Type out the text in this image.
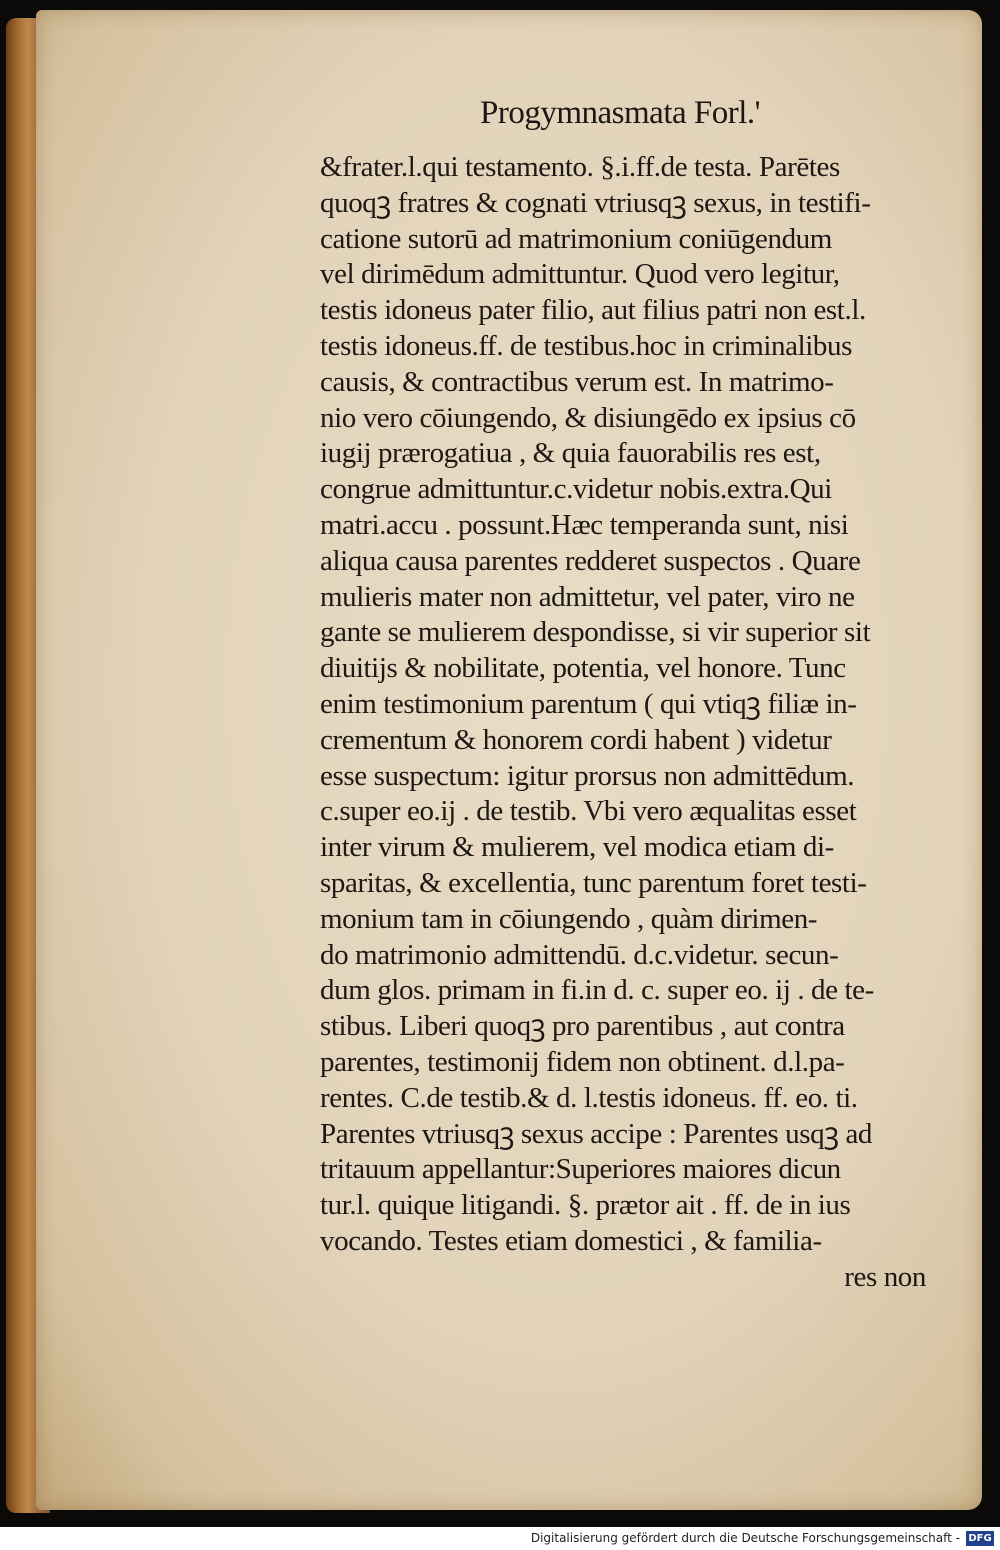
Progymnasmata Forl.'
&frater.l.qui testamento. §.i.ff.de testa. Parētes
quoqꝫ fratres & cognati vtriusqꝫ sexus, in testifi-
catione sutorū ad matrimonium coniūgendum
vel dirimēdum admittuntur. Quod vero legitur,
testis idoneus pater filio, aut filius patri non est.l.
testis idoneus.ff. de testibus.hoc in criminalibus
causis, & contractibus verum est. In matrimo-
nio vero cōiungendo, & disiungēdo ex ipsius cō
iugij prærogatiua , & quia fauorabilis res est,
congrue admittuntur.c.videtur nobis.extra.Qui
matri.accu . possunt.Hæc temperanda sunt, nisi
aliqua causa parentes redderet suspectos . Quare
mulieris mater non admittetur, vel pater, viro ne
gante se mulierem despondisse, si vir superior sit
diuitijs & nobilitate, potentia, vel honore. Tunc
enim testimonium parentum ( qui vtiqꝫ filiæ in-
crementum & honorem cordi habent ) videtur
esse suspectum: igitur prorsus non admittēdum.
c.super eo.ij . de testib. Vbi vero æqualitas esset
inter virum & mulierem, vel modica etiam di-
sparitas, & excellentia, tunc parentum foret testi-
monium tam in cōiungendo , quàm dirimen-
do matrimonio admittendū. d.c.videtur. secun-
dum glos. primam in fi.in d. c. super eo. ij . de te-
stibus. Liberi quoqꝫ pro parentibus , aut contra
parentes, testimonij fidem non obtinent. d.l.pa-
rentes. C.de testib.& d. l.testis idoneus. ff. eo. ti.
Parentes vtriusqꝫ sexus accipe : Parentes usqꝫ ad
tritauum appellantur:Superiores maiores dicun
tur.l. quique litigandi. §. prætor ait . ff. de in ius
vocando. Testes etiam domestici , & familia-
res non
Digitalisierung gefördert durch die Deutsche Forschungsgemeinschaft - DFG
